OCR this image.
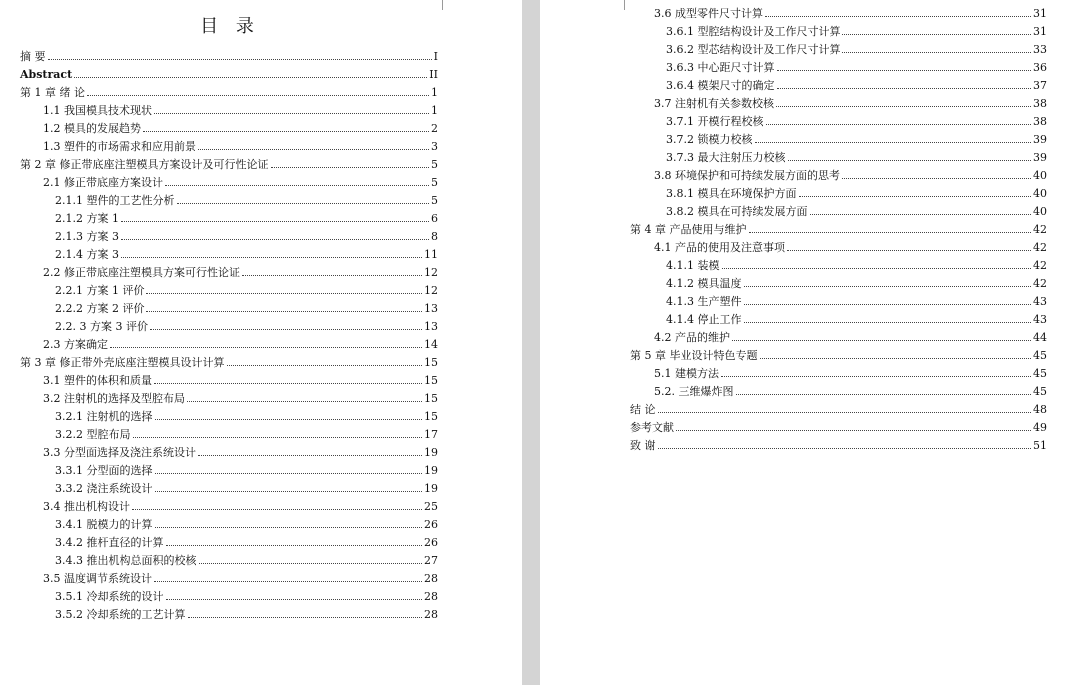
目 录
摘 要	I
Abstract	II
第 1 章 绪 论	1
1.1 我国模具技术现状	1
1.2 模具的发展趋势	2
1.3 塑件的市场需求和应用前景	3
第 2 章 修正带底座注塑模具方案设计及可行性论证	5
2.1 修正带底座方案设计	5
2.1.1 塑件的工艺性分析	5
2.1.2 方案 1	6
2.1.3 方案 3	8
2.1.4 方案 3	11
2.2 修正带底座注塑模具方案可行性论证	12
2.2.1 方案 1 评价	12
2.2.2 方案 2 评价	13
2.2. 3 方案 3 评价	13
2.3 方案确定	14
第 3 章 修正带外壳底座注塑模具设计计算	15
3.1 塑件的体积和质量	15
3.2 注射机的选择及型腔布局	15
3.2.1 注射机的选择	15
3.2.2 型腔布局	17
3.3 分型面选择及浇注系统设计	19
3.3.1 分型面的选择	19
3.3.2 浇注系统设计	19
3.4 推出机构设计	25
3.4.1 脱模力的计算	26
3.4.2 推杆直径的计算	26
3.4.3 推出机构总面积的校核	27
3.5 温度调节系统设计	28
3.5.1 冷却系统的设计	28
3.5.2 冷却系统的工艺计算	28
3.6 成型零件尺寸计算	31
3.6.1 型腔结构设计及工作尺寸计算	31
3.6.2 型芯结构设计及工作尺寸计算	33
3.6.3 中心距尺寸计算	36
3.6.4 模架尺寸的确定	37
3.7 注射机有关参数校核	38
3.7.1 开模行程校核	38
3.7.2 锁模力校核	39
3.7.3 最大注射压力校核	39
3.8 环境保护和可持续发展方面的思考	40
3.8.1 模具在环境保护方面	40
3.8.2 模具在可持续发展方面	40
第 4 章 产品使用与维护	42
4.1 产品的使用及注意事项	42
4.1.1 装模	42
4.1.2 模具温度	42
4.1.3 生产塑件	43
4.1.4 停止工作	43
4.2 产品的维护	44
第 5 章 毕业设计特色专题	45
5.1 建模方法	45
5.2. 三维爆炸图	45
结 论	48
参考文献	49
致 谢	51
